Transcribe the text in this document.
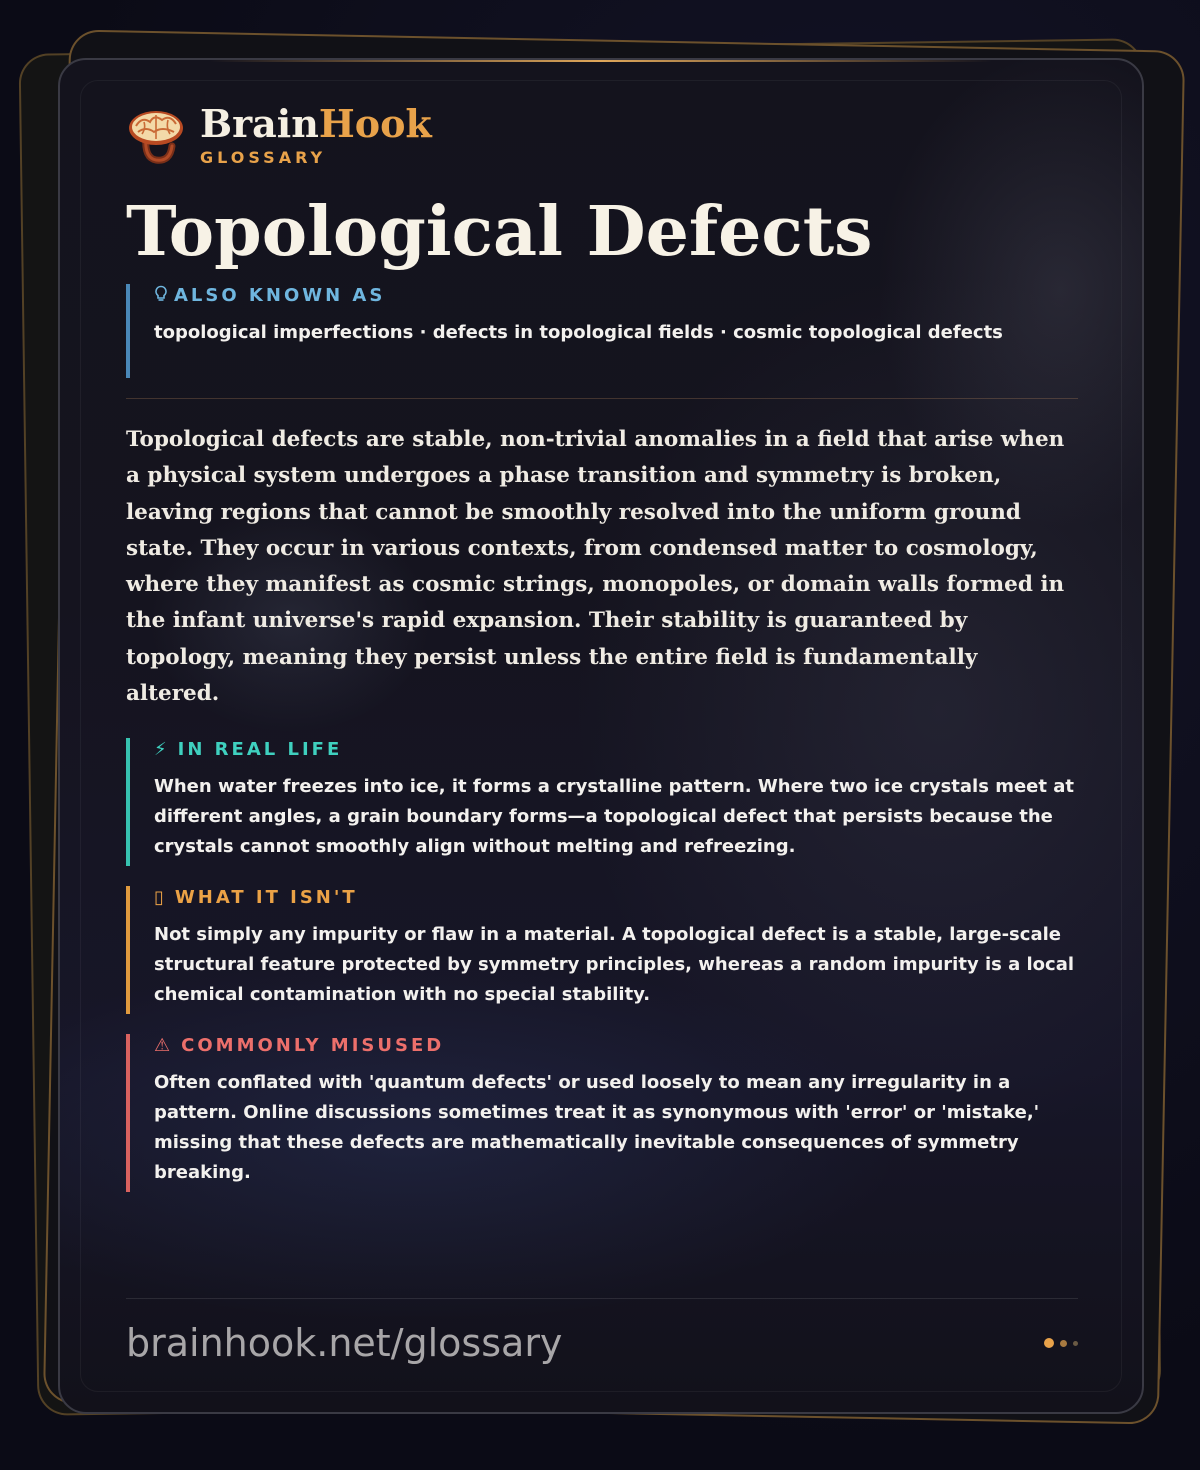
BrainHook
GLOSSARY
Topological Defects
ALSO KNOWN AS
topological imperfections · defects in topological fields · cosmic topological defects

Topological defects are stable, non-trivial anomalies in a field that arise when a physical system undergoes a phase transition and symmetry is broken, leaving regions that cannot be smoothly resolved into the uniform ground state. They occur in various contexts, from condensed matter to cosmology, where they manifest as cosmic strings, monopoles, or domain walls formed in the infant universe's rapid expansion. Their stability is guaranteed by topology, meaning they persist unless the entire field is fundamentally altered.

⚡ IN REAL LIFE
When water freezes into ice, it forms a crystalline pattern. Where two ice crystals meet at different angles, a grain boundary forms—a topological defect that persists because the crystals cannot smoothly align without melting and refreezing.
▯ WHAT IT ISN'T
Not simply any impurity or flaw in a material. A topological defect is a stable, large-scale structural feature protected by symmetry principles, whereas a random impurity is a local chemical contamination with no special stability.
⚠ COMMONLY MISUSED
Often conflated with 'quantum defects' or used loosely to mean any irregularity in a pattern. Online discussions sometimes treat it as synonymous with 'error' or 'mistake,' missing that these defects are mathematically inevitable consequences of symmetry breaking.
brainhook.net/glossary
